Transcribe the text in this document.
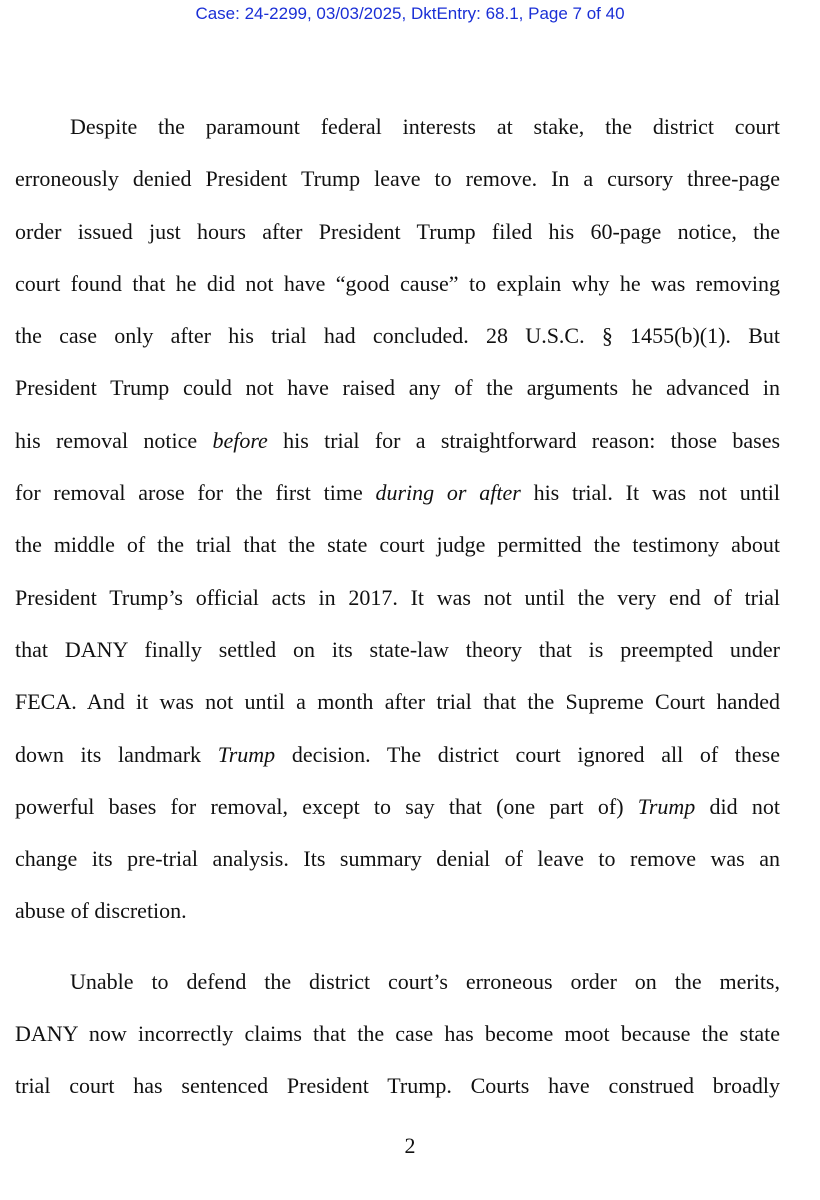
Case: 24-2299, 03/03/2025, DktEntry: 68.1, Page 7 of 40
Despite the paramount federal interests at stake, the district court
erroneously denied President Trump leave to remove. In a cursory three-page
order issued just hours after President Trump filed his 60-page notice, the
court found that he did not have “good cause” to explain why he was removing
the case only after his trial had concluded. 28 U.S.C. § 1455(b)(1). But
President Trump could not have raised any of the arguments he advanced in
his removal notice before his trial for a straightforward reason: those bases
for removal arose for the first time during or after his trial. It was not until
the middle of the trial that the state court judge permitted the testimony about
President Trump’s official acts in 2017. It was not until the very end of trial
that DANY finally settled on its state-law theory that is preempted under
FECA. And it was not until a month after trial that the Supreme Court handed
down its landmark Trump decision. The district court ignored all of these
powerful bases for removal, except to say that (one part of) Trump did not
change its pre-trial analysis. Its summary denial of leave to remove was an
abuse of discretion.
Unable to defend the district court’s erroneous order on the merits,
DANY now incorrectly claims that the case has become moot because the state
trial court has sentenced President Trump. Courts have construed broadly
2
